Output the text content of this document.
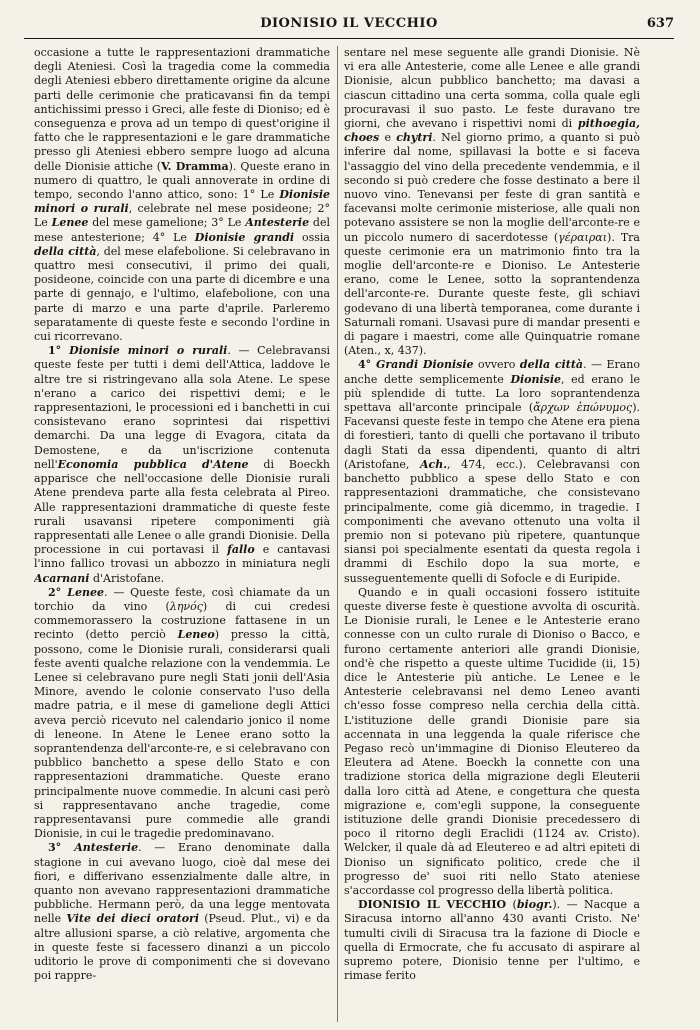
DIONISIO IL VECCHIO	637

occasione a tutte le rappresentazioni drammatiche degli Ateniesi. Così la tragedia come la commedia degli Ateniesi ebbero direttamente origine da alcune parti delle cerimonie che praticavansi fin da tempi antichissimi presso i Greci, alle feste di Dioniso; ed è conseguenza e prova ad un tempo di quest'origine il fatto che le rappresentazioni e le gare drammatiche presso gli Ateniesi ebbero sempre luogo ad alcuna delle Dionisie attiche (V. Dramma). Queste erano in numero di quattro, le quali annoverate in ordine di tempo, secondo l'anno attico, sono: 1° Le Dionisie minori o rurali, celebrate nel mese posideone; 2° Le Lenee del mese gamelione; 3° Le Antesterie del mese antesterione; 4° Le Dionisie grandi ossia della città, del mese elafebolione. Si celebravano in quattro mesi consecutivi, il primo dei quali, posideone, coincide con una parte di dicembre e una parte di gennajo, e l'ultimo, elafebolione, con una parte di marzo e una parte d'aprile. Parleremo separatamente di queste feste e secondo l'ordine in cui ricorrevano.

1° Dionisie minori o rurali. — Celebravansi queste feste per tutti i demi dell'Attica, laddove le altre tre si ristringevano alla sola Atene. Le spese n'erano a carico dei rispettivi demi; e le rappresentazioni, le processioni ed i banchetti in cui consistevano erano soprintesi dai rispettivi demarchi. Da una legge di Evagora, citata da Demostene, e da un'iscrizione contenuta nell'Economia pubblica d'Atene di Boeckh apparisce che nell'occasione delle Dionisie rurali Atene prendeva parte alla festa celebrata al Pireo. Alle rappresentazioni drammatiche di queste feste rurali usavansi ripetere componimenti già rappresentati alle Lenee o alle grandi Dionisie. Della processione in cui portavasi il fallo e cantavasi l'inno fallico trovasi un abbozzo in miniatura negli Acarnani d'Aristofane.

2° Lenee. — Queste feste, così chiamate da un torchio da vino (ληνός) di cui credesi commemorassero la costruzione fattasene in un recinto (detto perciò Leneo) presso la città, possono, come le Dionisie rurali, considerarsi quali feste aventi qualche relazione con la vendemmia. Le Lenee si celebravano pure negli Stati jonii dell'Asia Minore, avendo le colonie conservato l'uso della madre patria, e il mese di gamelione degli Attici aveva perciò ricevuto nel calendario jonico il nome di leneone. In Atene le Lenee erano sotto la soprantendenza dell'arconte-re, e si celebravano con pubblico banchetto a spese dello Stato e con rappresentazioni drammatiche. Queste erano principalmente nuove commedie. In alcuni casi però si rappresentavano anche tragedie, come rappresentavansi pure commedie alle grandi Dionisie, in cui le tragedie predominavano.

3° Antesterie. — Erano denominate dalla stagione in cui avevano luogo, cioè dal mese dei fiori, e differivano essenzialmente dalle altre, in quanto non avevano rappresentazioni drammatiche pubbliche. Hermann però, da una legge mentovata nelle Vite dei dieci oratori (Pseud. Plut., vi) e da altre allusioni sparse, a ciò relative, argomenta che in queste feste si facessero dinanzi a un piccolo uditorio le prove di componimenti che si dovevano poi rappre-

sentare nel mese seguente alle grandi Dionisie. Nè vi era alle Antesterie, come alle Lenee e alle grandi Dionisie, alcun pubblico banchetto; ma davasi a ciascun cittadino una certa somma, colla quale egli procuravasi il suo pasto. Le feste duravano tre giorni, che avevano i rispettivi nomi di pithoegia, choes e chytri. Nel giorno primo, a quanto si può inferire dal nome, spillavasi la botte e si faceva l'assaggio del vino della precedente vendemmia, e il secondo si può credere che fosse destinato a bere il nuovo vino. Tenevansi per feste di gran santità e facevansi molte cerimonie misteriose, alle quali non potevano assistere se non la moglie dell'arconte-re e un piccolo numero di sacerdotesse (γέραιραι). Tra queste cerimonie era un matrimonio finto tra la moglie dell'arconte-re e Dioniso. Le Antesterie erano, come le Lenee, sotto la soprantendenza dell'arconte-re. Durante queste feste, gli schiavi godevano di una libertà temporanea, come durante i Saturnali romani. Usavasi pure di mandar presenti e di pagare i maestri, come alle Quinquatrie romane (Aten., x, 437).

4° Grandi Dionisie ovvero della città. — Erano anche dette semplicemente Dionisie, ed erano le più splendide di tutte. La loro soprantendenza spettava all'arconte principale (ἄρχων ἐπώνυμος). Facevansi queste feste in tempo che Atene era piena di forestieri, tanto di quelli che portavano il tributo dagli Stati da essa dipendenti, quanto di altri (Aristofane, Ach., 474, ecc.). Celebravansi con banchetto pubblico a spese dello Stato e con rappresentazioni drammatiche, che consistevano principalmente, come già dicemmo, in tragedie. I componimenti che avevano ottenuto una volta il premio non si potevano più ripetere, quantunque siansi poi specialmente esentati da questa regola i drammi di Eschilo dopo la sua morte, e susseguentemente quelli di Sofocle e di Euripide.

Quando e in quali occasioni fossero istituite queste diverse feste è questione avvolta di oscurità. Le Dionisie rurali, le Lenee e le Antesterie erano connesse con un culto rurale di Dioniso o Bacco, e furono certamente anteriori alle grandi Dionisie, ond'è che rispetto a queste ultime Tucidide (ii, 15) dice le Antesterie più antiche. Le Lenee e le Antesterie celebravansi nel demo Leneo avanti ch'esso fosse compreso nella cerchia della città. L'istituzione delle grandi Dionisie pare sia accennata in una leggenda la quale riferisce che Pegaso recò un'immagine di Dioniso Eleutereo da Eleutera ad Atene. Boeckh la connette con una tradizione storica della migrazione degli Eleuterii dalla loro città ad Atene, e congettura che questa migrazione e, com'egli suppone, la conseguente istituzione delle grandi Dionisie precedessero di poco il ritorno degli Eraclidi (1124 av. Cristo). Welcker, il quale dà ad Eleutereo e ad altri epiteti di Dioniso un significato politico, crede che il progresso de' suoi riti nello Stato ateniese s'accordasse col progresso della libertà politica.

DIONISIO IL VECCHIO (biogr.). — Nacque a Siracusa intorno all'anno 430 avanti Cristo. Ne' tumulti civili di Siracusa tra la fazione di Diocle e quella di Ermocrate, che fu accusato di aspirare al supremo potere, Dionisio tenne per l'ultimo, e rimase ferito
